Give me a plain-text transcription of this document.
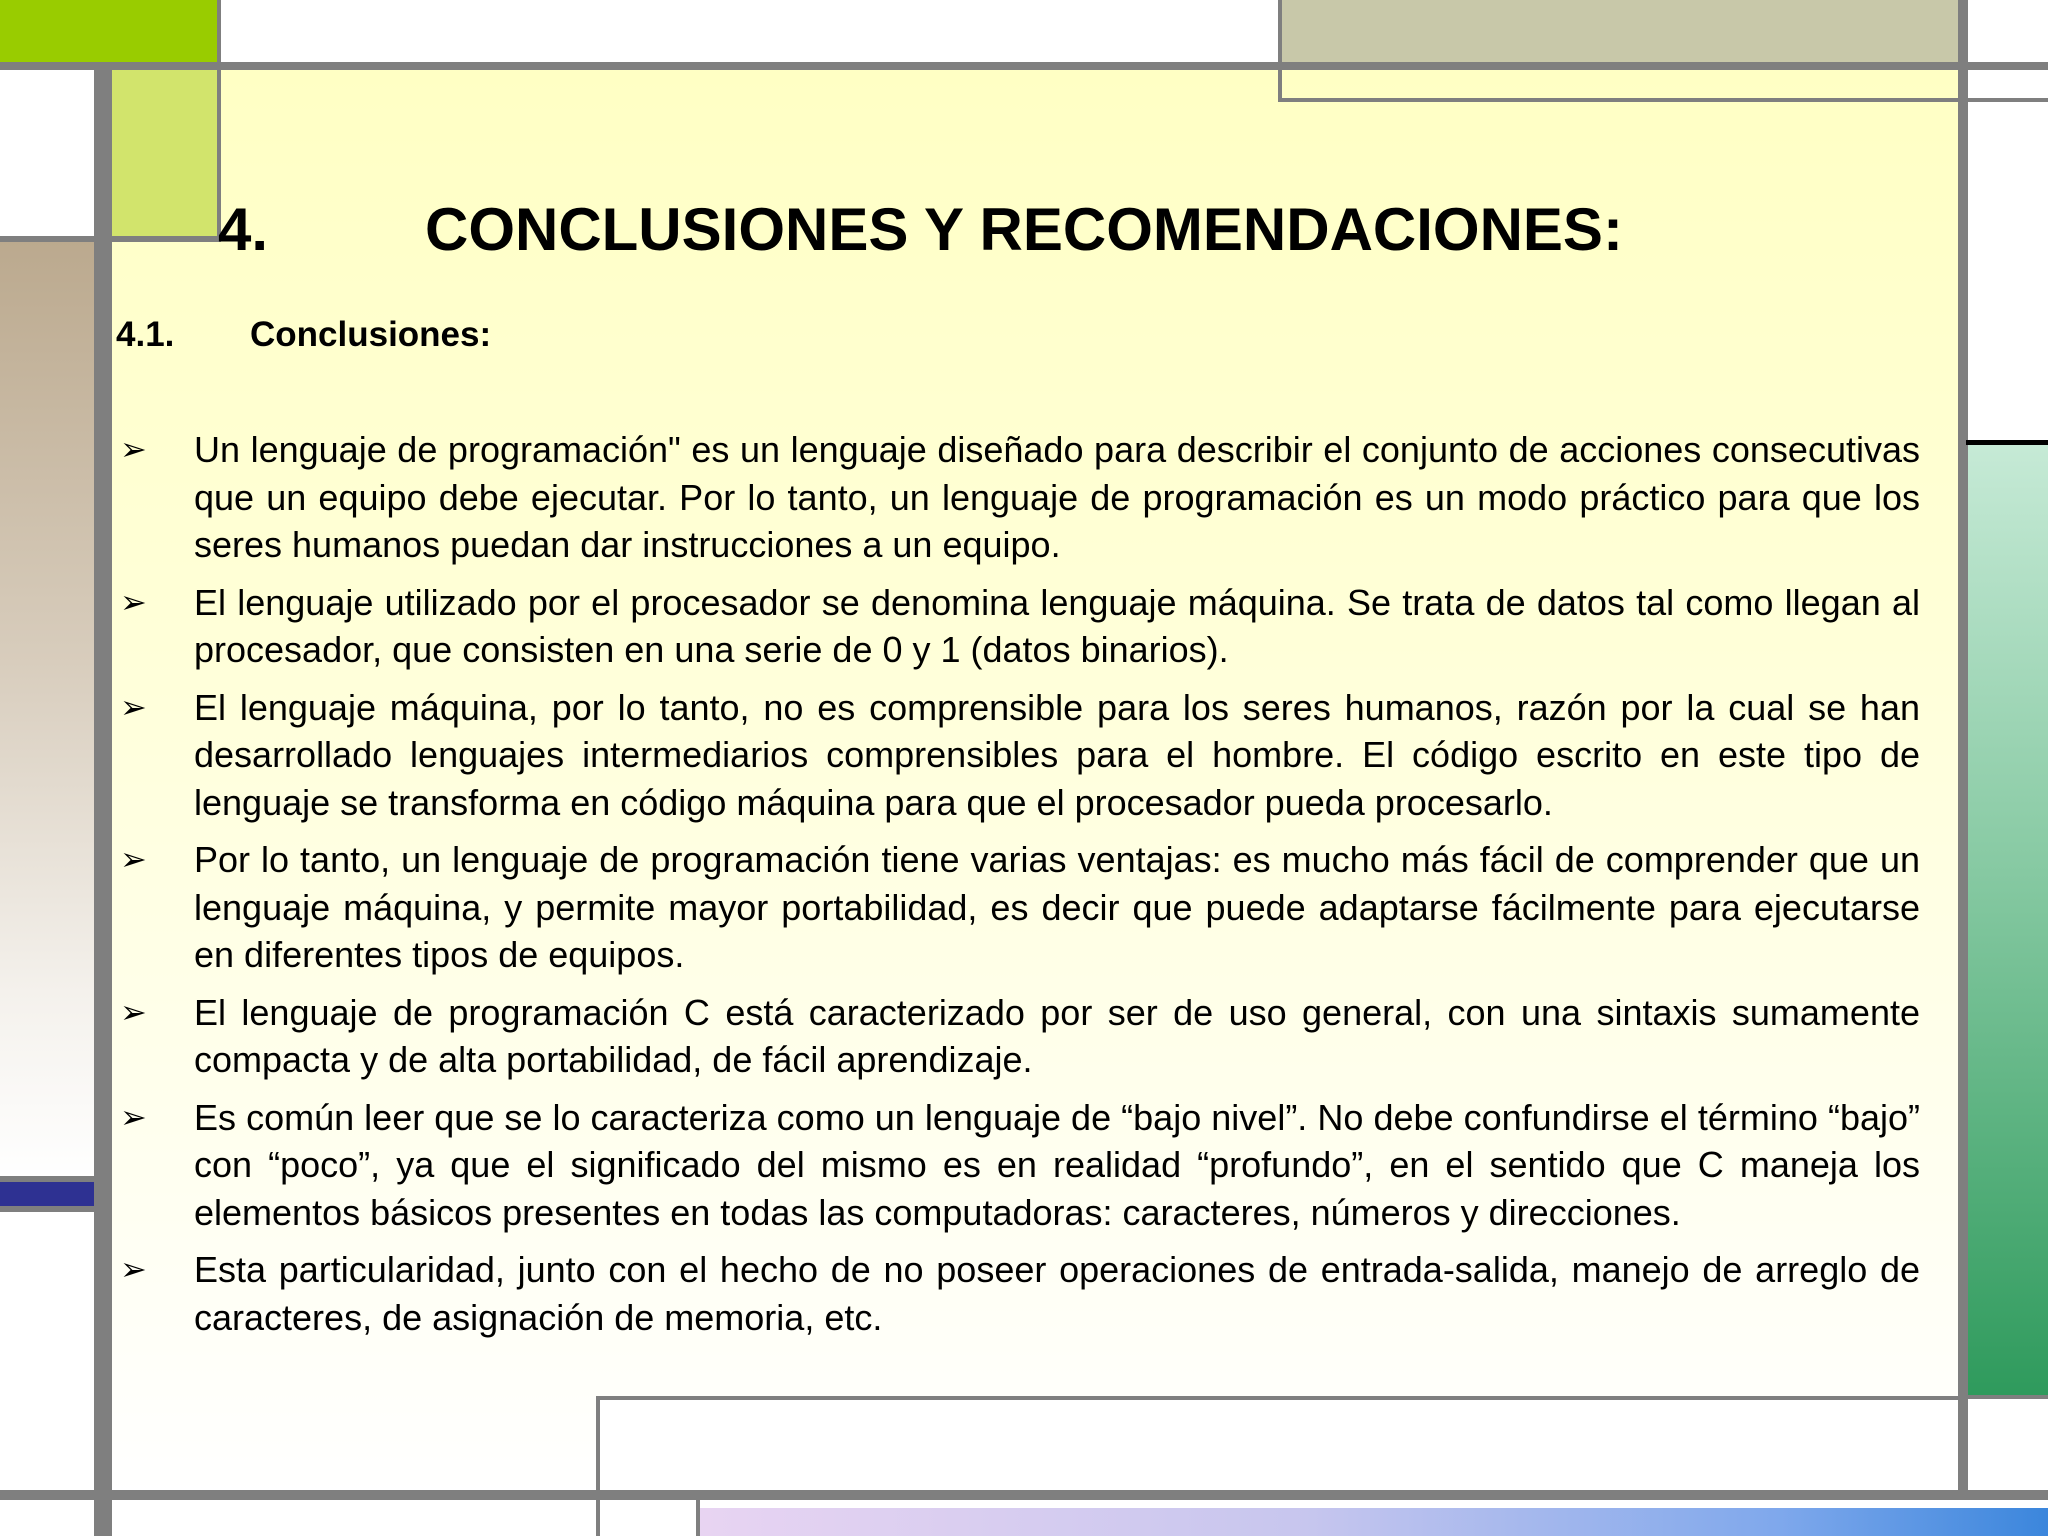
4.	CONCLUSIONES Y RECOMENDACIONES:
4.1. Conclusiones:
➢ Un lenguaje de programación" es un lenguaje diseñado para describir el conjunto de acciones consecutivas que un equipo debe ejecutar. Por lo tanto, un lenguaje de programación es un modo práctico para que los seres humanos puedan dar instrucciones a un equipo.
➢ El lenguaje utilizado por el procesador se denomina lenguaje máquina. Se trata de datos tal como llegan al procesador, que consisten en una serie de 0 y 1 (datos binarios).
➢ El lenguaje máquina, por lo tanto, no es comprensible para los seres humanos, razón por la cual se han desarrollado lenguajes intermediarios comprensibles para el hombre. El código escrito en este tipo de lenguaje se transforma en código máquina para que el procesador pueda procesarlo.
➢ Por lo tanto, un lenguaje de programación tiene varias ventajas: es mucho más fácil de comprender que un lenguaje máquina, y permite mayor portabilidad, es decir que puede adaptarse fácilmente para ejecutarse en diferentes tipos de equipos.
➢ El lenguaje de programación C está caracterizado por ser de uso general, con una sintaxis sumamente compacta y de alta portabilidad, de fácil aprendizaje.
➢ Es común leer que se lo caracteriza como un lenguaje de “bajo nivel”. No debe confundirse el término “bajo” con “poco”, ya que el significado del mismo es en realidad “profundo”, en el sentido que C maneja los elementos básicos presentes en todas las computadoras: caracteres, números y direcciones.
➢ Esta particularidad, junto con el hecho de no poseer operaciones de entrada-salida, manejo de arreglo de caracteres, de asignación de memoria, etc.
